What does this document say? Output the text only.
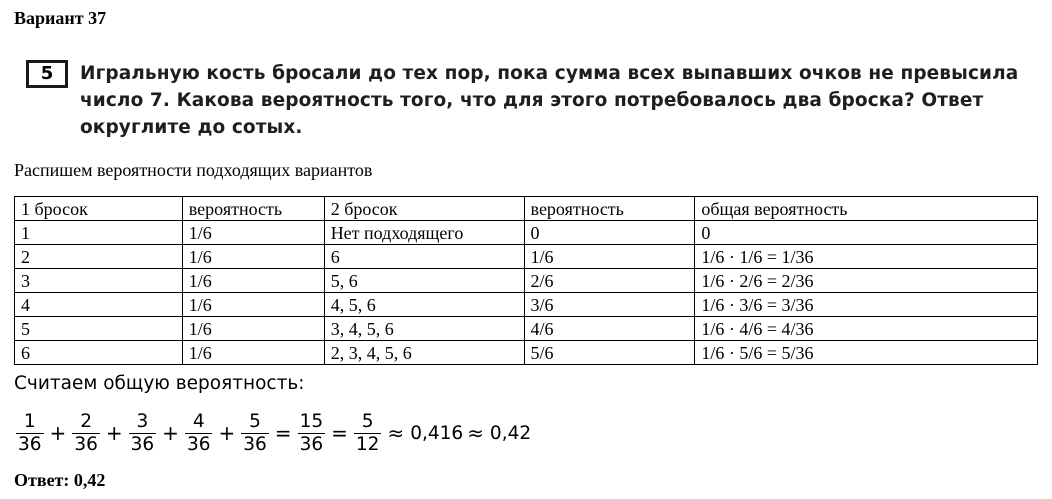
Вариант 37
5	Игральную кость бросали до тех пор, пока сумма всех выпавших очков не превысила число 7. Какова вероятность того, что для этого потребовалось два броска? Ответ округлите до сотых.
Распишем вероятности подходящих вариантов
1 бросок	вероятность	2 бросок	вероятность	общая вероятность
1	1/6	Нет подходящего	0	0
2	1/6	6	1/6	1/6 · 1/6 = 1/36
3	1/6	5, 6	2/6	1/6 · 2/6 = 2/36
4	1/6	4, 5, 6	3/6	1/6 · 3/6 = 3/36
5	1/6	3, 4, 5, 6	4/6	1/6 · 4/6 = 4/36
6	1/6	2, 3, 4, 5, 6	5/6	1/6 · 5/6 = 5/36
Считаем общую вероятность:
$\frac{1}{36} + \frac{2}{36} + \frac{3}{36} + \frac{4}{36} + \frac{5}{36} = \frac{15}{36} = \frac{5}{12} \approx 0,416 \approx 0,42$
Ответ: 0,42
